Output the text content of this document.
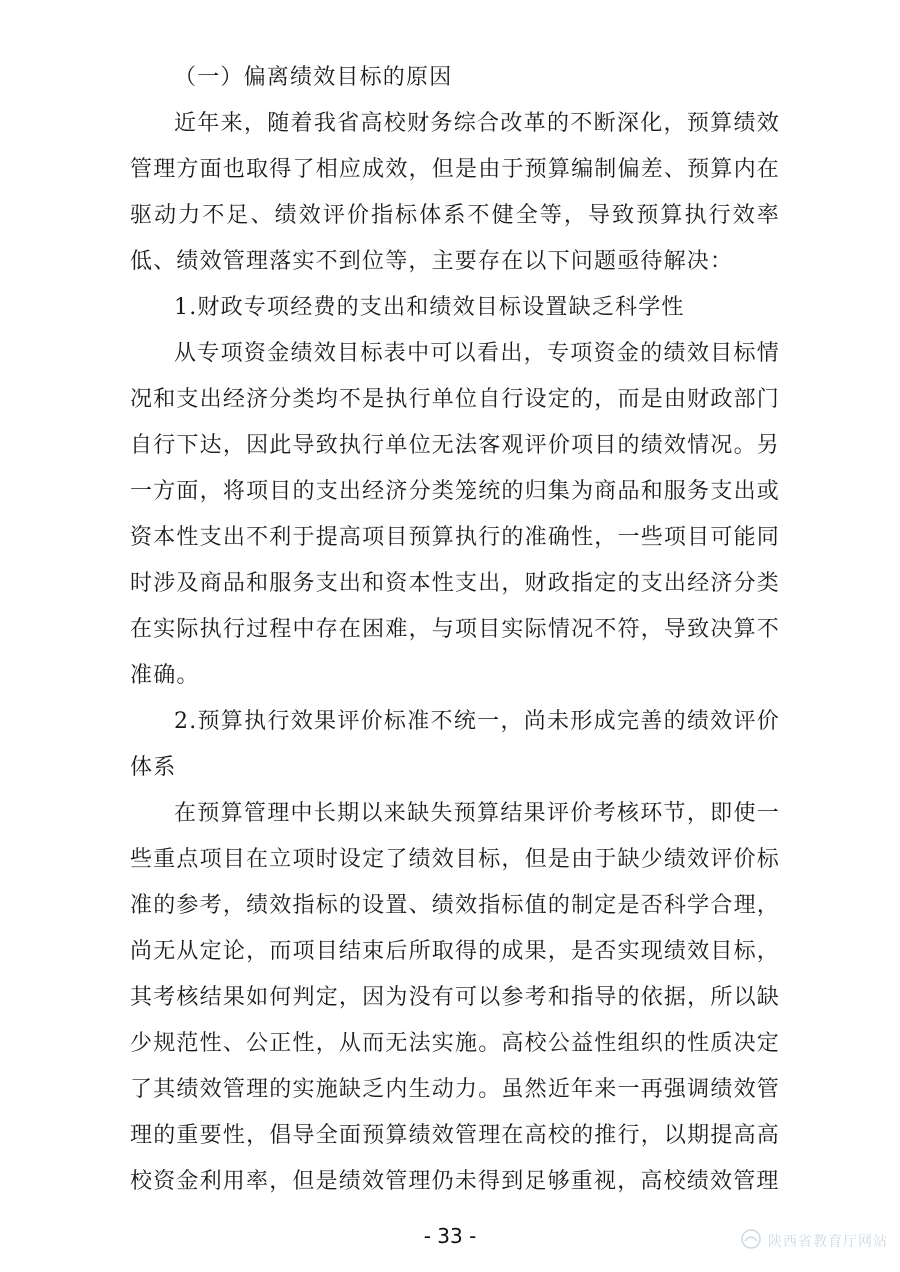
（一）偏离绩效目标的原因

近年来，随着我省高校财务综合改革的不断深化，预算绩效管理方面也取得了相应成效，但是由于预算编制偏差、预算内在驱动力不足、绩效评价指标体系不健全等，导致预算执行效率低、绩效管理落实不到位等，主要存在以下问题亟待解决：

1.财政专项经费的支出和绩效目标设置缺乏科学性

从专项资金绩效目标表中可以看出，专项资金的绩效目标情况和支出经济分类均不是执行单位自行设定的，而是由财政部门自行下达，因此导致执行单位无法客观评价项目的绩效情况。另一方面，将项目的支出经济分类笼统的归集为商品和服务支出或资本性支出不利于提高项目预算执行的准确性，一些项目可能同时涉及商品和服务支出和资本性支出，财政指定的支出经济分类在实际执行过程中存在困难，与项目实际情况不符，导致决算不准确。

2.预算执行效果评价标准不统一，尚未形成完善的绩效评价体系

在预算管理中长期以来缺失预算结果评价考核环节，即使一些重点项目在立项时设定了绩效目标，但是由于缺少绩效评价标准的参考，绩效指标的设置、绩效指标值的制定是否科学合理，尚无从定论，而项目结束后所取得的成果，是否实现绩效目标，其考核结果如何判定，因为没有可以参考和指导的依据，所以缺少规范性、公正性，从而无法实施。高校公益性组织的性质决定了其绩效管理的实施缺乏内生动力。虽然近年来一再强调绩效管理的重要性，倡导全面预算绩效管理在高校的推行，以期提高高校资金利用率，但是绩效管理仍未得到足够重视，高校绩效管理

- 33 -	陕西省教育厅网站
